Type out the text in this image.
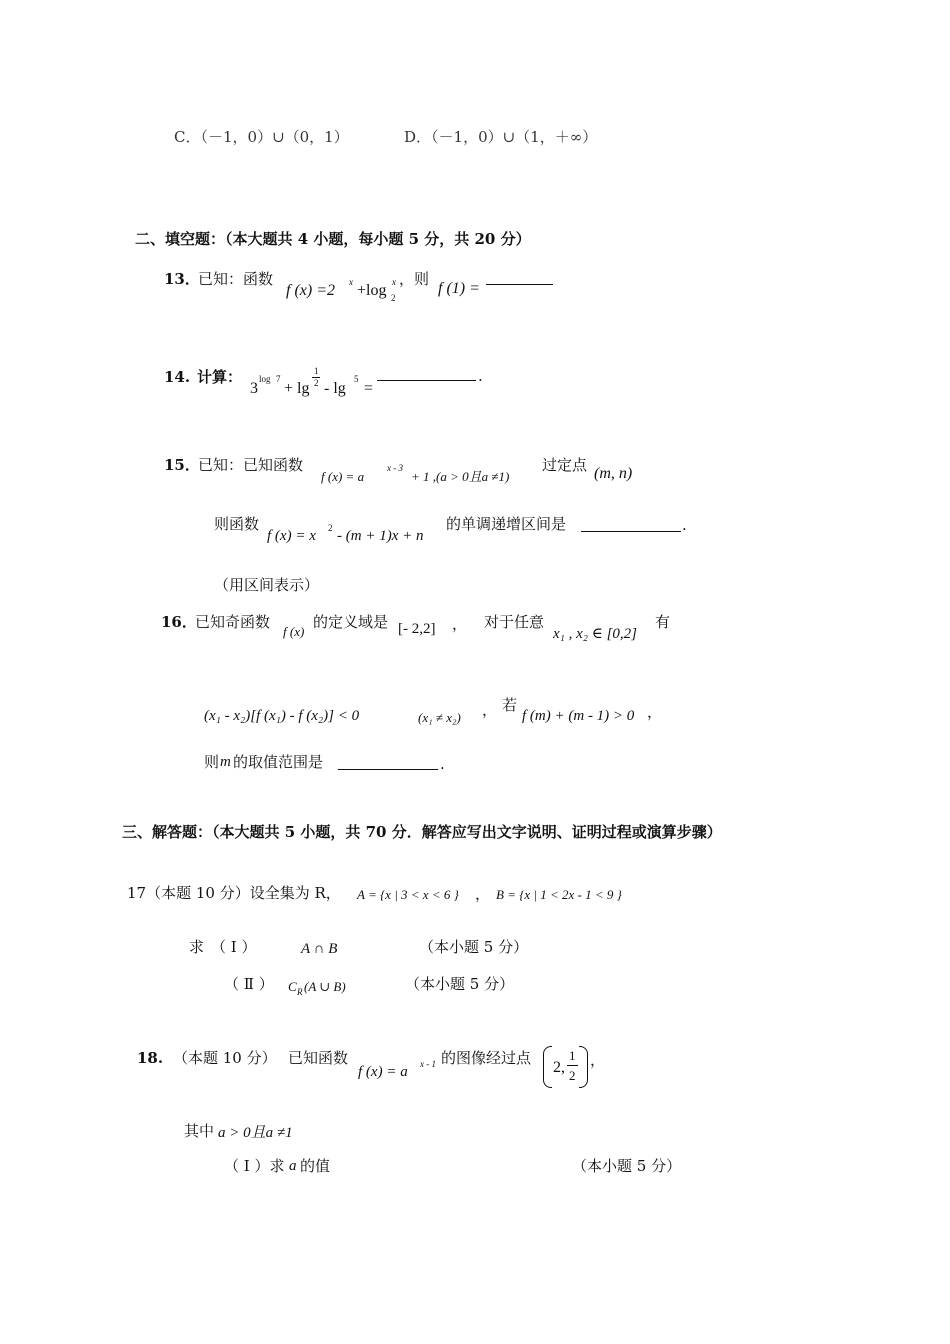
C．（－1，0）∪（0，1）	D．（－1，0）∪（1，＋∞）
二、填空题：（本大题共 4 小题，每小题 5 分，共 20 分）
13．
已知：函数
f (x) =2 x +log 2
x ，则
f (1) =
14. 计算：
3
log 7
+ lg
1
2 - lg
5
=
.
15．
已知：已知函数
f (x) = a
x - 3
+ 1 ,(a > 0且a ≠1)
过定点 (m, n)
则函数
f (x) = x 2 - (m + 1)x + n
的单调递增区间是	.
（用区间表示）
16．
已知奇函数
f (x)
的定义域是 [- 2,2] ， 对于任意
x₁ , x₂ ∈ [0,2]
有
(x₁ - x₂)[f (x₁) - f (x₂)] < 0	(x₁ ≠ x₂) ， 若
f (m) + (m - 1) > 0 ，
则 m 的取值范围是	.
三、解答题：（本大题共 5 小题，共 70 分．解答应写出文字说明、证明过程或演算步骤）
17（本题 10 分）设全集为 R， A = {x | 3 < x < 6 } ， B = {x | 1 < 2x - 1 < 9 }
求 （ Ⅰ ）	A ∩ B	（本小题 5 分）
（ Ⅱ ） C R (A ∪ B)	（本小题 5 分）
18. （本题 10 分） 已知函数
f (x) = a x - 1 的图像经过点
2,
1
2
，
其中 a > 0且a ≠1
（ Ⅰ ）求 a 的值	（本小题 5 分）
